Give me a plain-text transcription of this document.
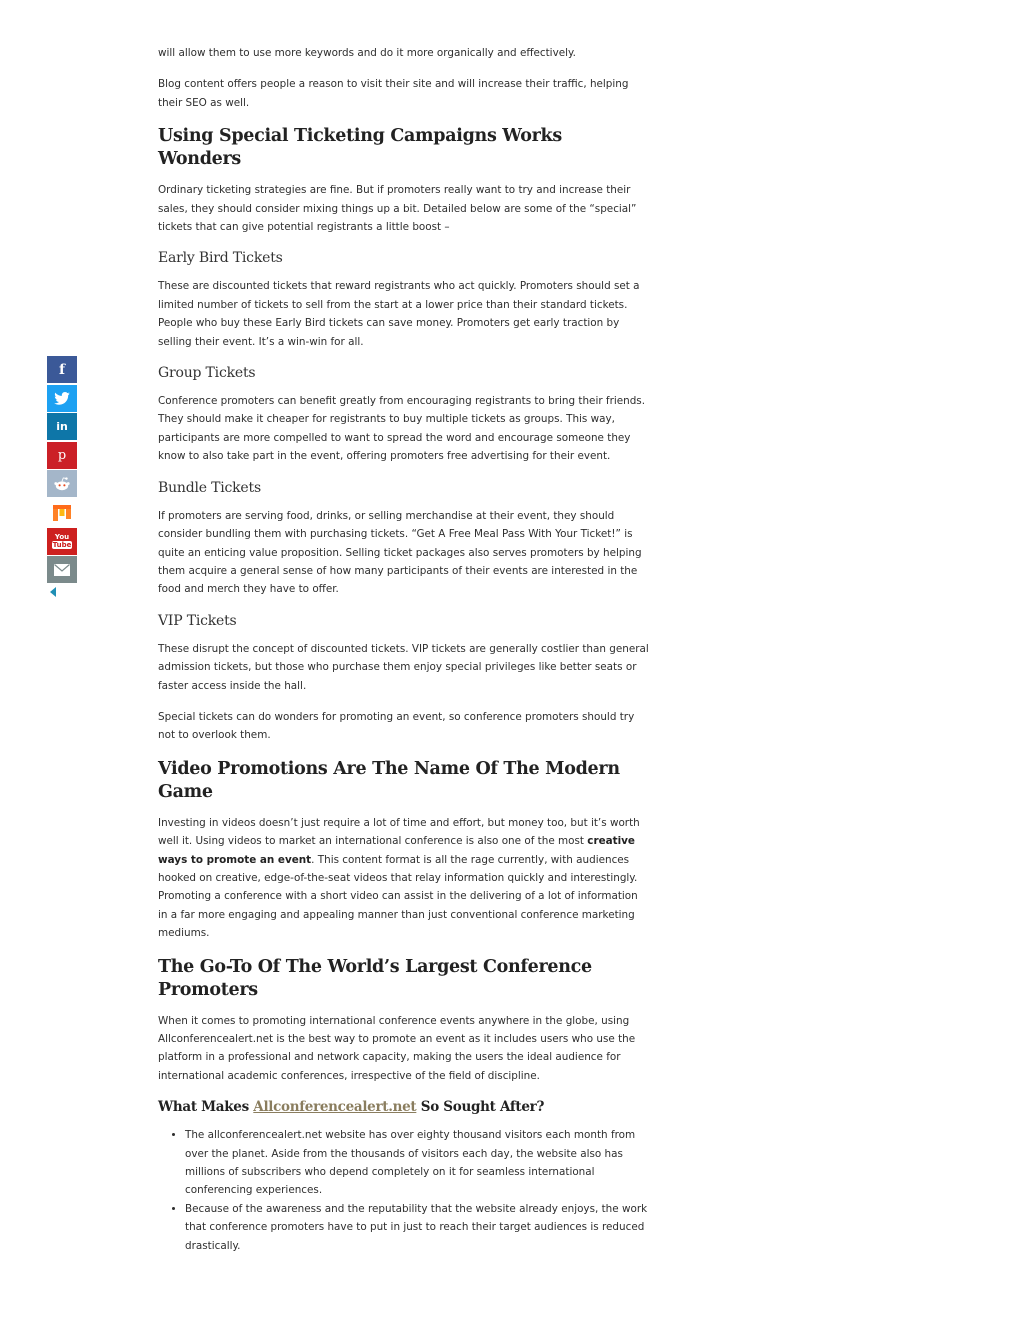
f
in
p
You
Tube

will allow them to use more keywords and do it more organically and effectively.

Blog content offers people a reason to visit their site and will increase their traffic, helping their SEO as well.

Using Special Ticketing Campaigns Works Wonders

Ordinary ticketing strategies are fine. But if promoters really want to try and increase their sales, they should consider mixing things up a bit. Detailed below are some of the “special” tickets that can give potential registrants a little boost –

Early Bird Tickets

These are discounted tickets that reward registrants who act quickly. Promoters should set a limited number of tickets to sell from the start at a lower price than their standard tickets. People who buy these Early Bird tickets can save money. Promoters get early traction by selling their event. It’s a win-win for all.

Group Tickets

Conference promoters can benefit greatly from encouraging registrants to bring their friends. They should make it cheaper for registrants to buy multiple tickets as groups. This way, participants are more compelled to want to spread the word and encourage someone they know to also take part in the event, offering promoters free advertising for their event.

Bundle Tickets

If promoters are serving food, drinks, or selling merchandise at their event, they should consider bundling them with purchasing tickets. “Get A Free Meal Pass With Your Ticket!” is quite an enticing value proposition. Selling ticket packages also serves promoters by helping them acquire a general sense of how many participants of their events are interested in the food and merch they have to offer.

VIP Tickets

These disrupt the concept of discounted tickets. VIP tickets are generally costlier than general admission tickets, but those who purchase them enjoy special privileges like better seats or faster access inside the hall.

Special tickets can do wonders for promoting an event, so conference promoters should try not to overlook them.

Video Promotions Are The Name Of The Modern Game

Investing in videos doesn’t just require a lot of time and effort, but money too, but it’s worth well it. Using videos to market an international conference is also one of the most creative ways to promote an event. This content format is all the rage currently, with audiences hooked on creative, edge-of-the-seat videos that relay information quickly and interestingly. Promoting a conference with a short video can assist in the delivering of a lot of information in a far more engaging and appealing manner than just conventional conference marketing mediums.

The Go-To Of The World’s Largest Conference Promoters

When it comes to promoting international conference events anywhere in the globe, using Allconferencealert.net is the best way to promote an event as it includes users who use the platform in a professional and network capacity, making the users the ideal audience for international academic conferences, irrespective of the field of discipline.

What Makes Allconferencealert.net So Sought After?
• The allconferencealert.net website has over eighty thousand visitors each month from over the planet. Aside from the thousands of visitors each day, the website also has millions of subscribers who depend completely on it for seamless international conferencing experiences.
• Because of the awareness and the reputability that the website already enjoys, the work that conference promoters have to put in just to reach their target audiences is reduced drastically.
